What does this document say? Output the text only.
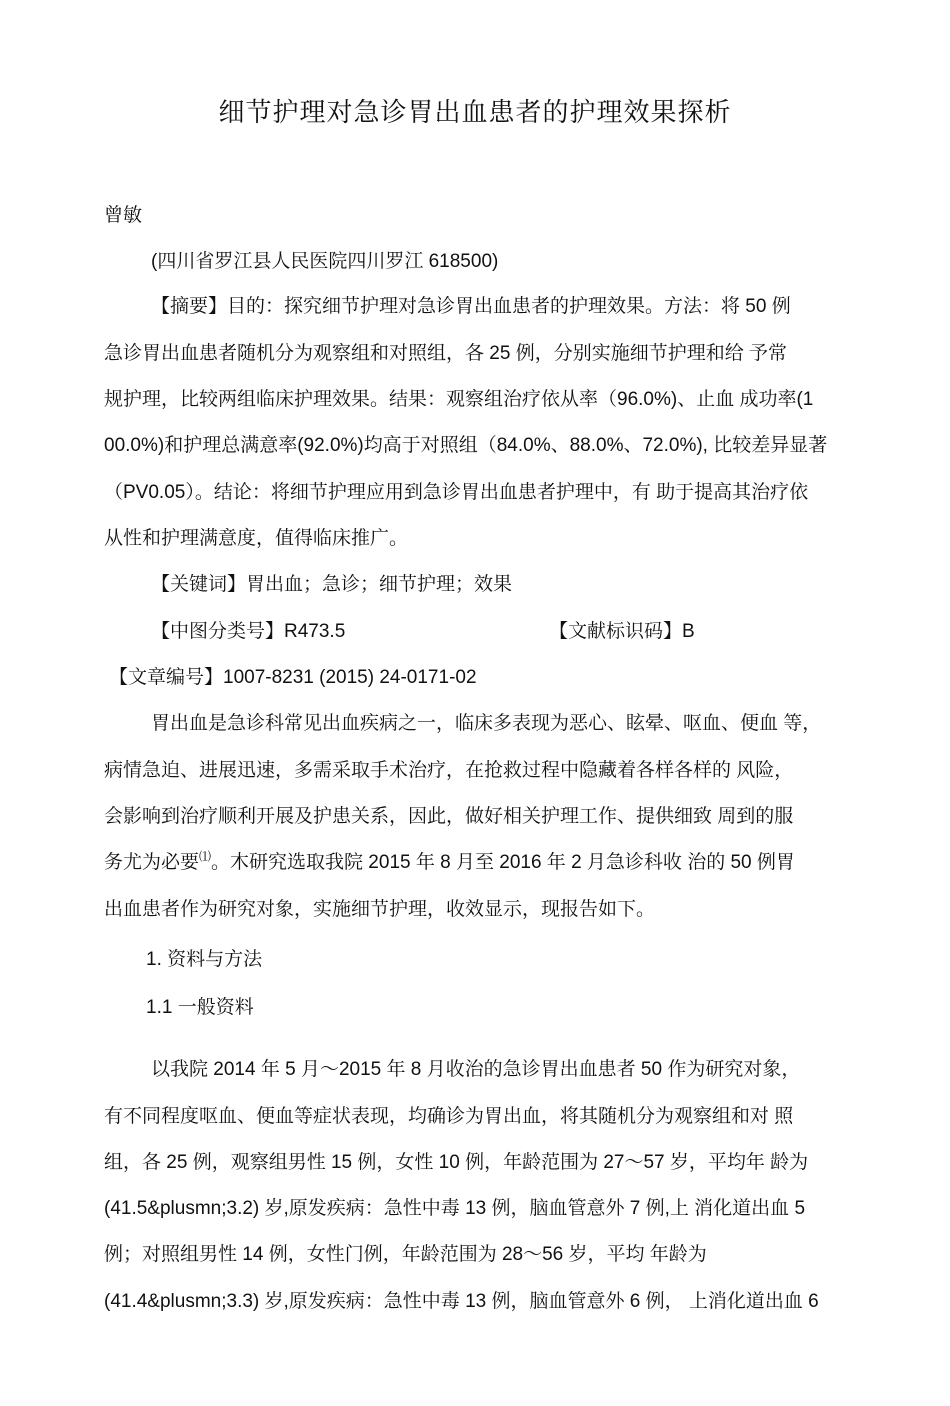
细节护理对急诊胃出血患者的护理效果探析
曾敏
(四川省罗江县人民医院四川罗江 618500)
【摘要】目的：探究细节护理对急诊胃出血患者的护理效果。方法：将 50 例
急诊胃出血患者随机分为观察组和对照组，各 25 例，分别实施细节护理和给 予常
规护理，比较两组临床护理效果。结果：观察组治疗依从率（96.0%)、止血 成功率(1
00.0%)和护理总满意率(92.0%)均高于对照组（84.0%、88.0%、72.0%), 比较差异显著
（PV0.05）。结论：将细节护理应用到急诊胃出血患者护理中，有 助于提高其治疗依
从性和护理满意度，值得临床推广。
【关键词】胃出血；急诊；细节护理；效果
【中图分类号】R473.5	【文献标识码】B
【文章编号】1007-8231 (2015) 24-0171-02
胃出血是急诊科常见出血疾病之一，临床多表现为恶心、眩晕、呕血、便血 等，
病情急迫、进展迅速，多需采取手术治疗，在抢救过程中隐藏着各样各样的 风险，
会影响到治疗顺利开展及护患关系，因此，做好相关护理工作、提供细致 周到的服
务尤为必要⑴。木研究选取我院 2015 年 8 月至 2016 年 2 月急诊科收 治的 50 例胃
出血患者作为研究对象，实施细节护理，收效显示，现报告如下。
1. 资料与方法
1.1 一般资料
以我院 2014 年 5 月〜2015 年 8 月收治的急诊胃出血患者 50 作为研究对象，
有不同程度呕血、便血等症状表现，均确诊为胃出血，将其随机分为观察组和对 照
组，各 25 例，观察组男性 15 例，女性 10 例，年龄范围为 27〜57 岁，平均年 龄为
(41.5&plusmn;3.2) 岁,原发疾病：急性中毒 13 例，脑血管意外 7 例,上 消化道出血 5
例；对照组男性 14 例，女性门例，年龄范围为 28〜56 岁，平均 年龄为
(41.4&plusmn;3.3) 岁,原发疾病：急性中毒 13 例，脑血管意外 6 例， 上消化道出血 6
